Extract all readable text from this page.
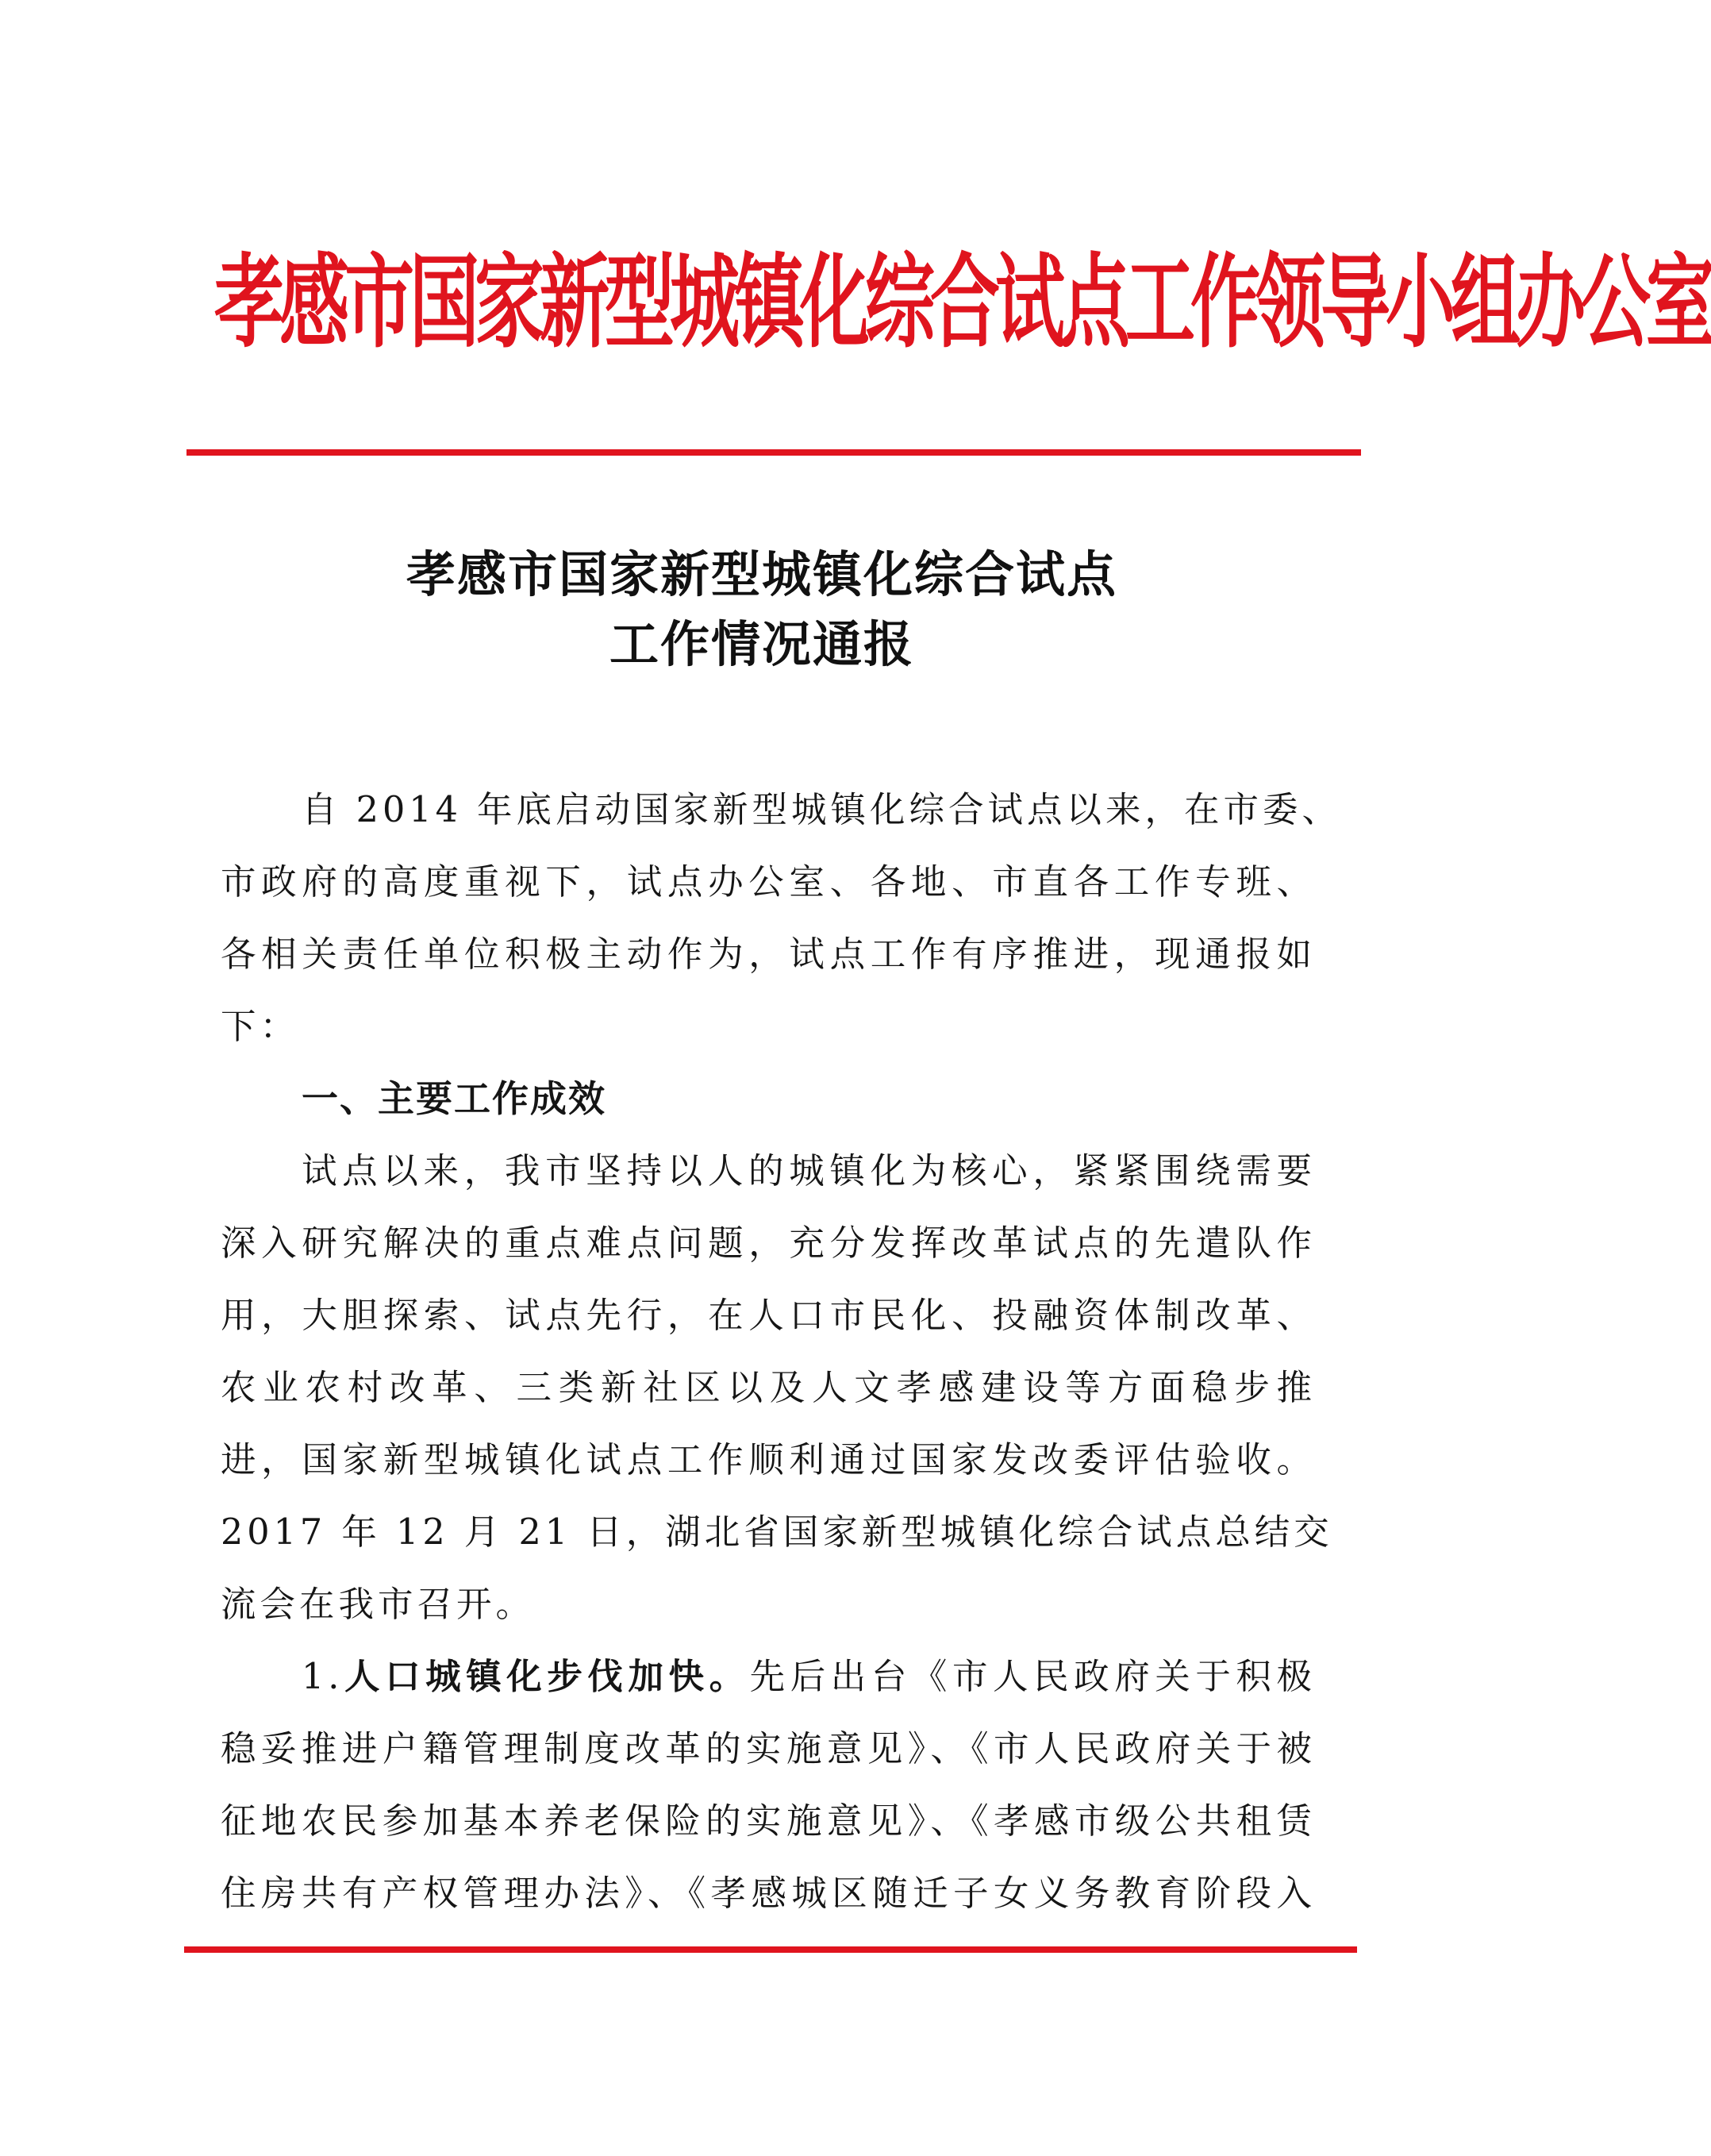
孝感市国家新型城镇化综合试点工作领导小组办公室
孝感市国家新型城镇化综合试点
工作情况通报
自 2014 年底启动国家新型城镇化综合试点以来，在市委、
市政府的高度重视下，试点办公室、各地、市直各工作专班、
各相关责任单位积极主动作为，试点工作有序推进，现通报如
下：
一、主要工作成效
试点以来，我市坚持以人的城镇化为核心，紧紧围绕需要
深入研究解决的重点难点问题，充分发挥改革试点的先遣队作
用，大胆探索、试点先行，在人口市民化、投融资体制改革、
农业农村改革、三类新社区以及人文孝感建设等方面稳步推
进，国家新型城镇化试点工作顺利通过国家发改委评估验收。
2017 年 12 月 21 日，湖北省国家新型城镇化综合试点总结交
流会在我市召开。
1.人口城镇化步伐加快。先后出台《市人民政府关于积极
稳妥推进户籍管理制度改革的实施意见》、《市人民政府关于被
征地农民参加基本养老保险的实施意见》、《孝感市级公共租赁
住房共有产权管理办法》、《孝感城区随迁子女义务教育阶段入
